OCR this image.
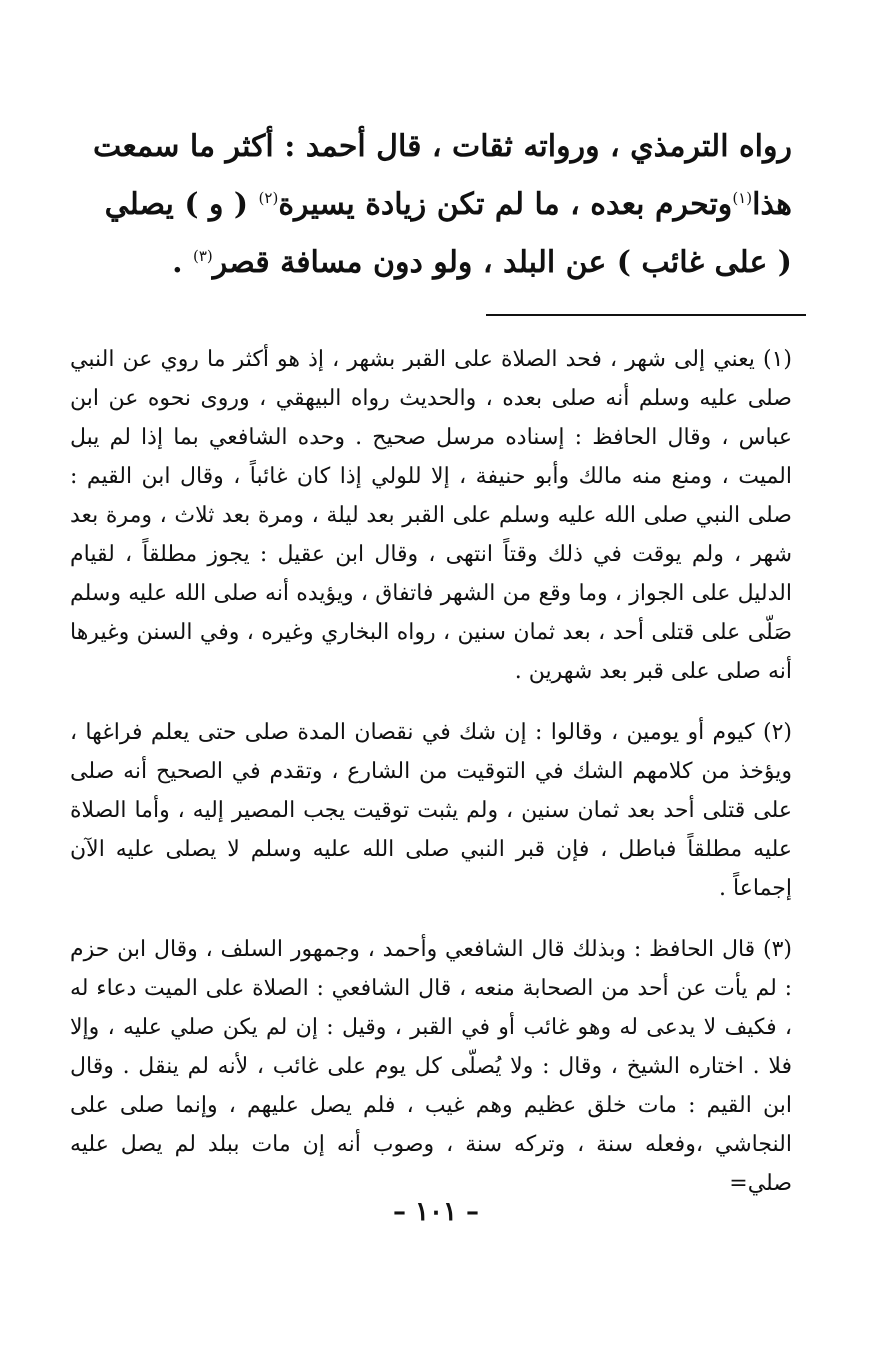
رواه الترمذي ، ورواته ثقات ، قال أحمد : أكثر ما سمعت

هذا$^{(١)}$وتحرم بعده ، ما لم تكن زيادة يسيرة$^{(٢)}$ ( و ) يصلي

( على غائب ) عن البلد ، ولو دون مسافة قصر$^{(٣)}$ .

(١) يعني إلى شهر ، فحد الصلاة على القبر بشهر ، إذ هو أكثر ما روي عن النبي صلى عليه وسلم أنه صلى بعده ، والحديث رواه البيهقي ، وروى نحوه عن ابن عباس ، وقال الحافظ : إسناده مرسل صحيح . وحده الشافعي بما إذا لم يبل الميت ، ومنع منه مالك وأبو حنيفة ، إلا للولي إذا كان غائباً ، وقال ابن القيم : صلى النبي صلى الله عليه وسلم على القبر بعد ليلة ، ومرة بعد ثلاث ، ومرة بعد شهر ، ولم يوقت في ذلك وقتاً انتهى ، وقال ابن عقيل : يجوز مطلقاً ، لقيام الدليل على الجواز ، وما وقع من الشهر فاتفاق ، ويؤيده أنه صلى الله عليه وسلم صَلّى على قتلى أحد ، بعد ثمان سنين ، رواه البخاري وغيره ، وفي السنن وغيرها أنه صلى على قبر بعد شهرين .

(٢) كيوم أو يومين ، وقالوا : إن شك في نقصان المدة صلى حتى يعلم فراغها ، ويؤخذ من كلامهم الشك في التوقيت من الشارع ، وتقدم في الصحيح أنه صلى على قتلى أحد بعد ثمان سنين ، ولم يثبت توقيت يجب المصير إليه ، وأما الصلاة عليه مطلقاً فباطل ، فإن قبر النبي صلى الله عليه وسلم لا يصلى عليه الآن إجماعاً .

(٣) قال الحافظ : وبذلك قال الشافعي وأحمد ، وجمهور السلف ، وقال ابن حزم : لم يأت عن أحد من الصحابة منعه ، قال الشافعي : الصلاة على الميت دعاء له ، فكيف لا يدعى له وهو غائب أو في القبر ، وقيل : إن لم يكن صلي عليه ، وإلا فلا . اختاره الشيخ ، وقال : ولا يُصلّى كل يوم على غائب ، لأنه لم ينقل . وقال ابن القيم : مات خلق عظيم وهم غيب ، فلم يصل عليهم ، وإنما صلى على النجاشي ،وفعله سنة ، وتركه سنة ، وصوب أنه إن مات ببلد لم يصل عليه صلي=

– ١٠١ –
